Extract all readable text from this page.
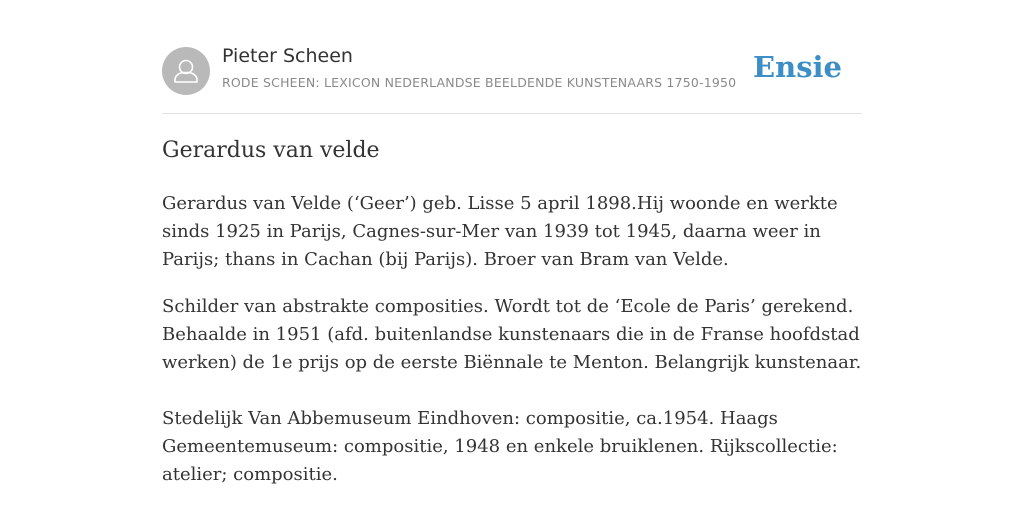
Pieter Scheen
RODE SCHEEN: LEXICON NEDERLANDSE BEELDENDE KUNSTENAARS 1750-1950 Ensie
Gerardus van velde

Gerardus van Velde (‘Geer’) geb. Lisse 5 april 1898.Hij woonde en werkte sinds 1925 in Parijs, Cagnes-sur-Mer van 1939 tot 1945, daarna weer in Parijs; thans in Cachan (bij Parijs). Broer van Bram van Velde.

Schilder van abstrakte composities. Wordt tot de ‘Ecole de Paris’ gerekend. Behaalde in 1951 (afd. buitenlandse kunstenaars die in de Franse hoofdstad werken) de 1e prijs op de eerste Biënnale te Menton. Belangrijk kunstenaar.

Stedelijk Van Abbemuseum Eindhoven: compositie, ca.1954. Haags Gemeentemuseum: compositie, 1948 en enkele bruiklenen. Rijkscollectie: atelier; compositie.
